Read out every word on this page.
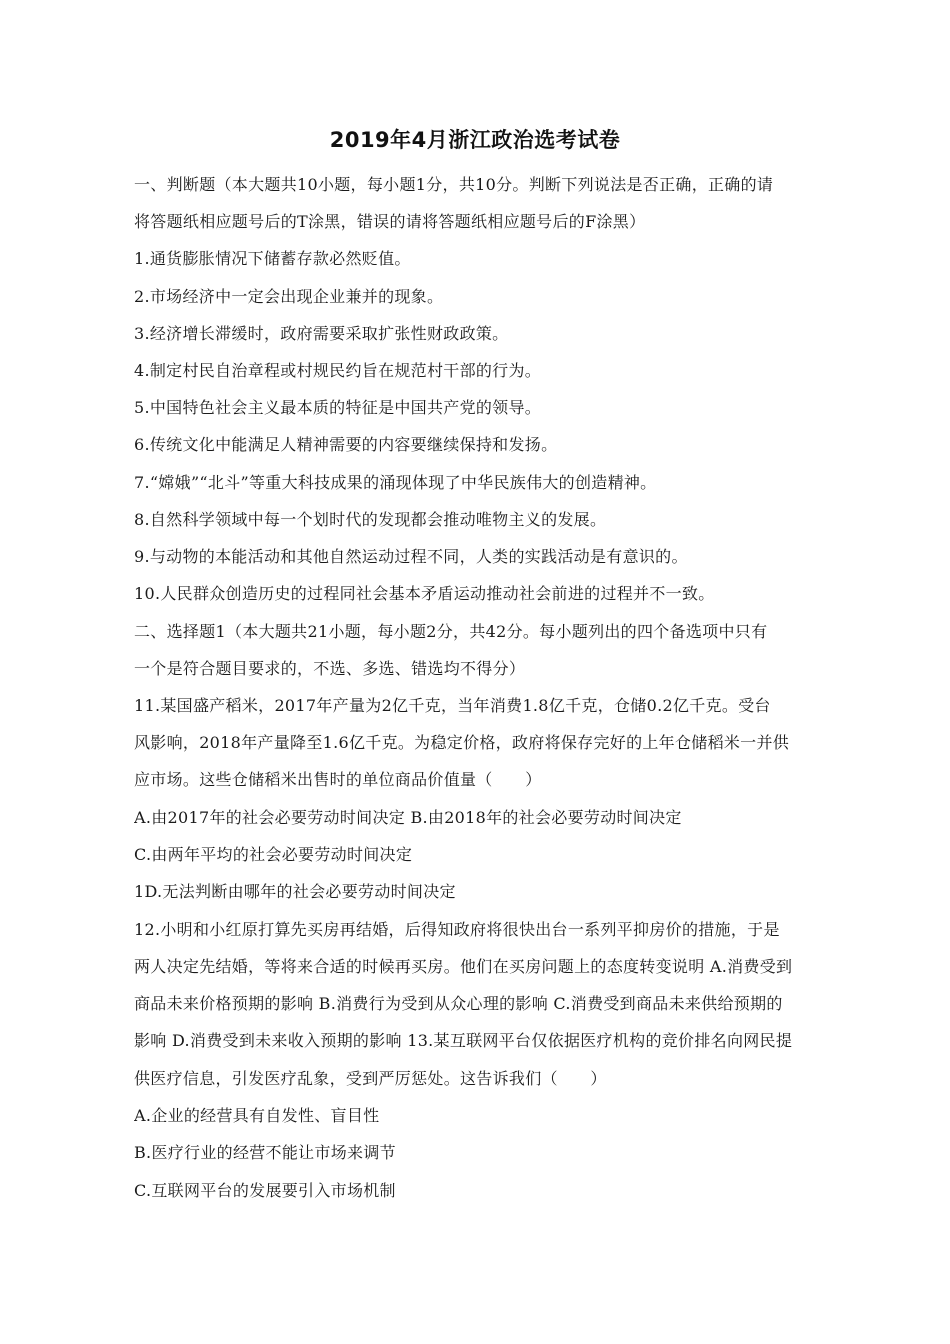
2019年4月浙江政治选考试卷
一、判断题（本大题共10小题，每小题1分，共10分。判断下列说法是否正确，正确的请
将答题纸相应题号后的T涂黑，错误的请将答题纸相应题号后的F涂黑）
1.通货膨胀情况下储蓄存款必然贬值。
2.市场经济中一定会出现企业兼并的现象。
3.经济增长滞缓时，政府需要采取扩张性财政政策。
4.制定村民自治章程或村规民约旨在规范村干部的行为。
5.中国特色社会主义最本质的特征是中国共产党的领导。
6.传统文化中能满足人精神需要的内容要继续保持和发扬。
7.“嫦娥”“北斗”等重大科技成果的涌现体现了中华民族伟大的创造精神。
8.自然科学领域中每一个划时代的发现都会推动唯物主义的发展。
9.与动物的本能活动和其他自然运动过程不同，人类的实践活动是有意识的。
10.人民群众创造历史的过程同社会基本矛盾运动推动社会前进的过程并不一致。
二、选择题1（本大题共21小题，每小题2分，共42分。每小题列出的四个备选项中只有
一个是符合题目要求的，不选、多选、错选均不得分）
11.某国盛产稻米，2017年产量为2亿千克，当年消费1.8亿千克，仓储0.2亿千克。受台
风影响，2018年产量降至1.6亿千克。为稳定价格，政府将保存完好的上年仓储稻米一并供
应市场。这些仓储稻米出售时的单位商品价值量（　　）
A.由2017年的社会必要劳动时间决定 B.由2018年的社会必要劳动时间决定
C.由两年平均的社会必要劳动时间决定
1D.无法判断由哪年的社会必要劳动时间决定
12.小明和小红原打算先买房再结婚，后得知政府将很快出台一系列平抑房价的措施，于是
两人决定先结婚，等将来合适的时候再买房。他们在买房问题上的态度转变说明 A.消费受到
商品未来价格预期的影响 B.消费行为受到从众心理的影响 C.消费受到商品未来供给预期的
影响 D.消费受到未来收入预期的影响 13.某互联网平台仅依据医疗机构的竞价排名向网民提
供医疗信息，引发医疗乱象，受到严厉惩处。这告诉我们（　　）
A.企业的经营具有自发性、盲目性
B.医疗行业的经营不能让市场来调节
C.互联网平台的发展要引入市场机制
